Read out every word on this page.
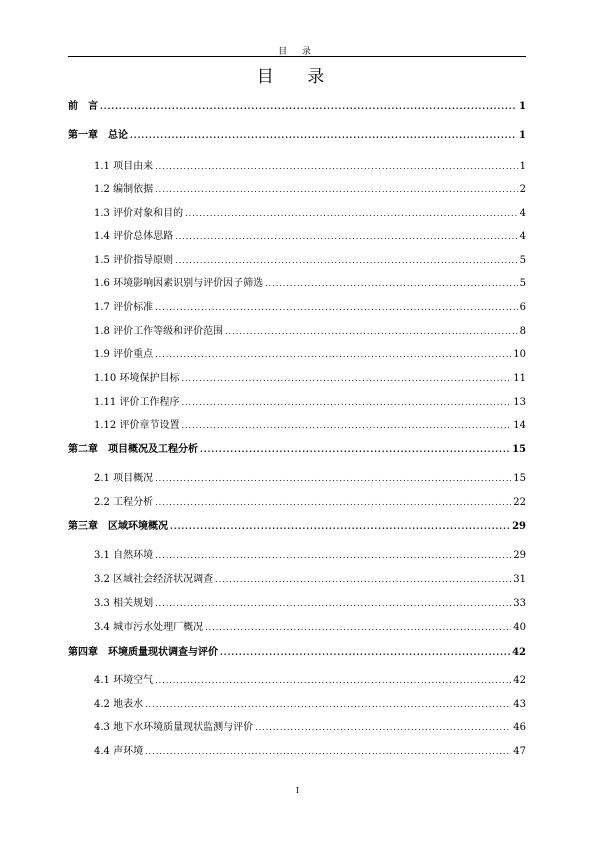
目 录
目 录
前　言 .....	1
第一章　总论 .....	1
1.1 项目由来 .....	1
1.2 编制依据 .....	2
1.3 评价对象和目的 .....	4
1.4 评价总体思路 .....	4
1.5 评价指导原则 .....	5
1.6 环境影响因素识别与评价因子筛选 .....	5
1.7 评价标准 .....	6
1.8 评价工作等级和评价范围 .....	8
1.9 评价重点 .....	10
1.10 环境保护目标 .....	11
1.11 评价工作程序 .....	13
1.12 评价章节设置 .....	14
第二章　项目概况及工程分析 .....	15
2.1 项目概况 .....	15
2.2 工程分析 .....	22
第三章　区域环境概况 .....	29
3.1 自然环境 .....	29
3.2 区域社会经济状况调查 .....	31
3.3 相关规划 .....	33
3.4 城市污水处理厂概况 .....	40
第四章　环境质量现状调查与评价 .....	42
4.1 环境空气 .....	42
4.2 地表水 .....	43
4.3 地下水环境质量现状监测与评价 .....	46
4.4 声环境 .....	47
I
